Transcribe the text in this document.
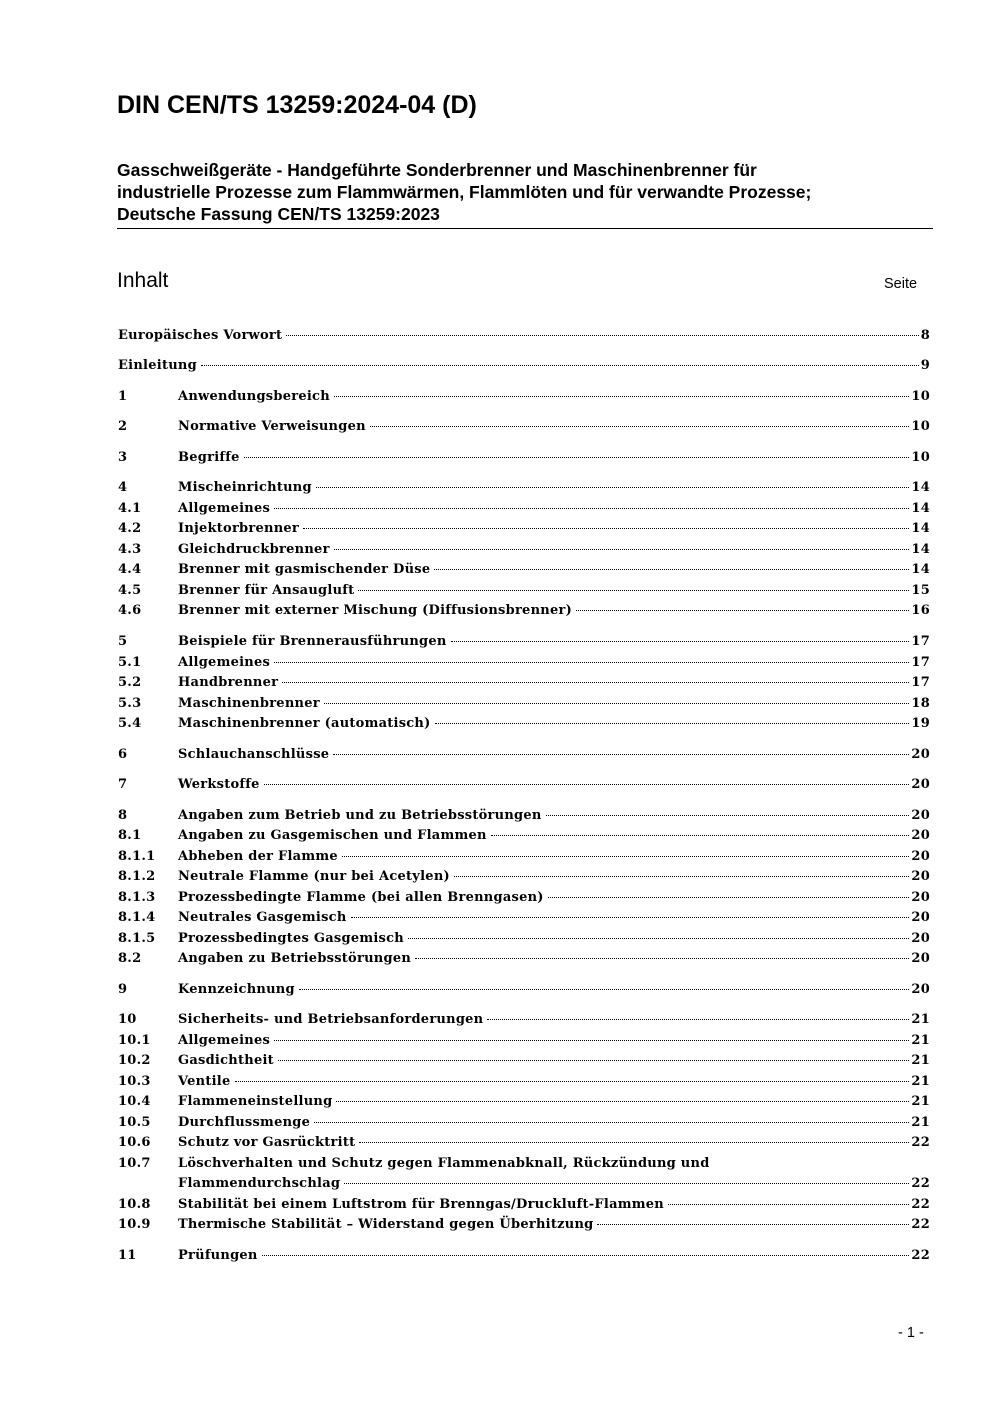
DIN CEN/TS 13259:2024-04 (D)
Gasschweißgeräte - Handgeführte Sonderbrenner und Maschinenbrenner für
industrielle Prozesse zum Flammwärmen, Flammlöten und für verwandte Prozesse;
Deutsche Fassung CEN/TS 13259:2023
Inhalt	Seite
Europäisches Vorwort	8
Einleitung	9
1	Anwendungsbereich	10
2	Normative Verweisungen	10
3	Begriffe	10
4	Mischeinrichtung	14
4.1	Allgemeines	14
4.2	Injektorbrenner	14
4.3	Gleichdruckbrenner	14
4.4	Brenner mit gasmischender Düse	14
4.5	Brenner für Ansaugluft	15
4.6	Brenner mit externer Mischung (Diffusionsbrenner)	16
5	Beispiele für Brennerausführungen	17
5.1	Allgemeines	17
5.2	Handbrenner	17
5.3	Maschinenbrenner	18
5.4	Maschinenbrenner (automatisch)	19
6	Schlauchanschlüsse	20
7	Werkstoffe	20
8	Angaben zum Betrieb und zu Betriebsstörungen	20
8.1	Angaben zu Gasgemischen und Flammen	20
8.1.1	Abheben der Flamme	20
8.1.2	Neutrale Flamme (nur bei Acetylen)	20
8.1.3	Prozessbedingte Flamme (bei allen Brenngasen)	20
8.1.4	Neutrales Gasgemisch	20
8.1.5	Prozessbedingtes Gasgemisch	20
8.2	Angaben zu Betriebsstörungen	20
9	Kennzeichnung	20
10	Sicherheits- und Betriebsanforderungen	21
10.1	Allgemeines	21
10.2	Gasdichtheit	21
10.3	Ventile	21
10.4	Flammeneinstellung	21
10.5	Durchflussmenge	21
10.6	Schutz vor Gasrücktritt	22
10.7	Löschverhalten und Schutz gegen Flammenabknall, Rückzündung und
Flammendurchschlag	22
10.8	Stabilität bei einem Luftstrom für Brenngas/Druckluft-Flammen	22
10.9	Thermische Stabilität – Widerstand gegen Überhitzung	22
11	Prüfungen	22
- 1 -
